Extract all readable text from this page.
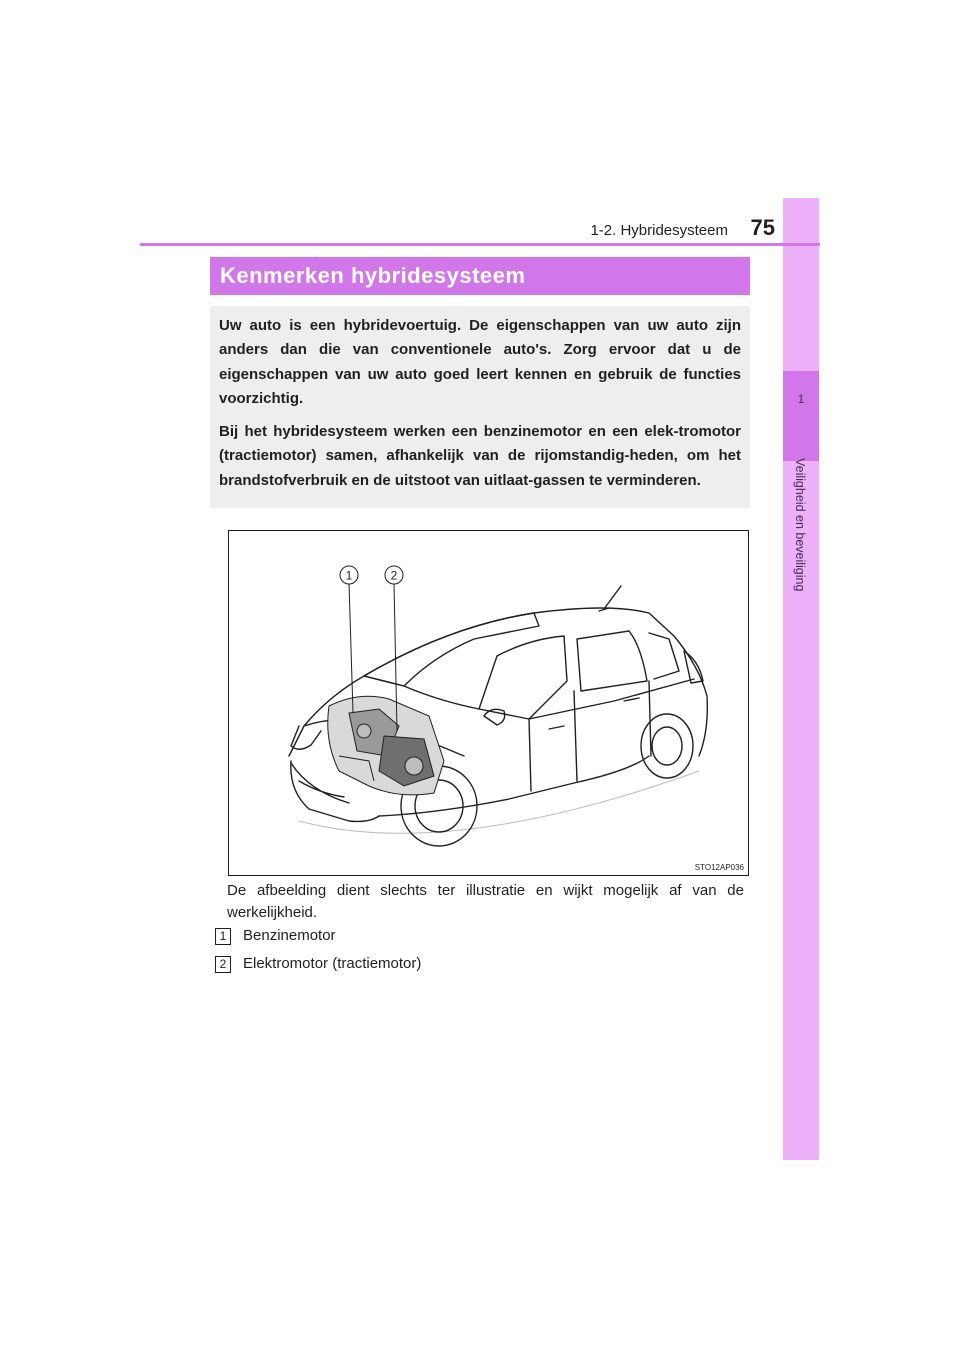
1
Veiligheid en beveiliging
1-2. Hybridesysteem	75
Kenmerken hybridesysteem

Uw auto is een hybridevoertuig. De eigenschappen van uw auto zijn anders dan die van conventionele auto's. Zorg ervoor dat u de eigenschappen van uw auto goed leert kennen en gebruik de functies voorzichtig.

Bij het hybridesysteem werken een benzinemotor en een elek-tromotor (tractiemotor) samen, afhankelijk van de rijomstandig-heden, om het brandstofverbruik en de uitstoot van uitlaat-gassen te verminderen.

1	2
STO12AP036
De afbeelding dient slechts ter illustratie en wijkt mogelijk af van de werkelijkheid.
1	Benzinemotor
2	Elektromotor (tractiemotor)
